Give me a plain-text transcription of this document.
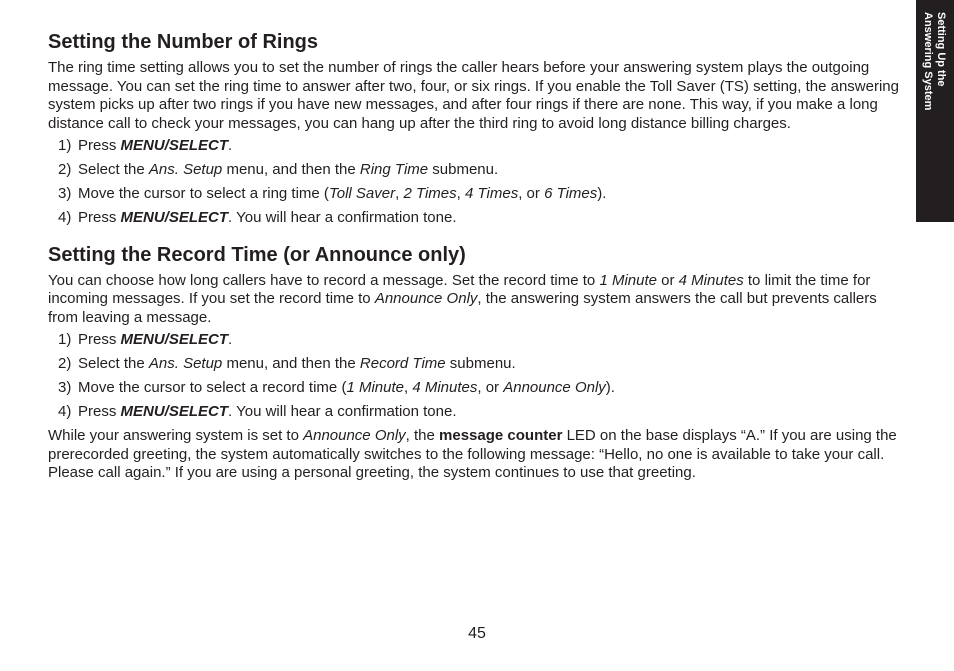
Setting Up the
Answering System
Setting the Number of Rings

The ring time setting allows you to set the number of rings the caller hears before your answering system plays the outgoing message. You can set the ring time to answer after two, four, or six rings. If you enable the Toll Saver (TS) setting, the answering system picks up after two rings if you have new messages, and after four rings if there are none. This way, if you make a long distance call to check your messages, you can hang up after the third ring to avoid long distance billing charges.

1) Press MENU/SELECT.
2) Select the Ans. Setup menu, and then the Ring Time submenu.
3) Move the cursor to select a ring time (Toll Saver, 2 Times, 4 Times, or 6 Times).
4) Press MENU/SELECT. You will hear a confirmation tone.
Setting the Record Time (or Announce only)

You can choose how long callers have to record a message. Set the record time to 1 Minute or 4 Minutes to limit the time for incoming messages. If you set the record time to Announce Only, the answering system answers the call but prevents callers from leaving a message.

1) Press MENU/SELECT.
2) Select the Ans. Setup menu, and then the Record Time submenu.
3) Move the cursor to select a record time (1 Minute, 4 Minutes, or Announce Only).
4) Press MENU/SELECT. You will hear a confirmation tone.

While your answering system is set to Announce Only, the message counter LED on the base displays “A.” If you are using the prerecorded greeting, the system automatically switches to the following message: “Hello, no one is available to take your call. Please call again.” If you are using a personal greeting, the system continues to use that greeting.

45
